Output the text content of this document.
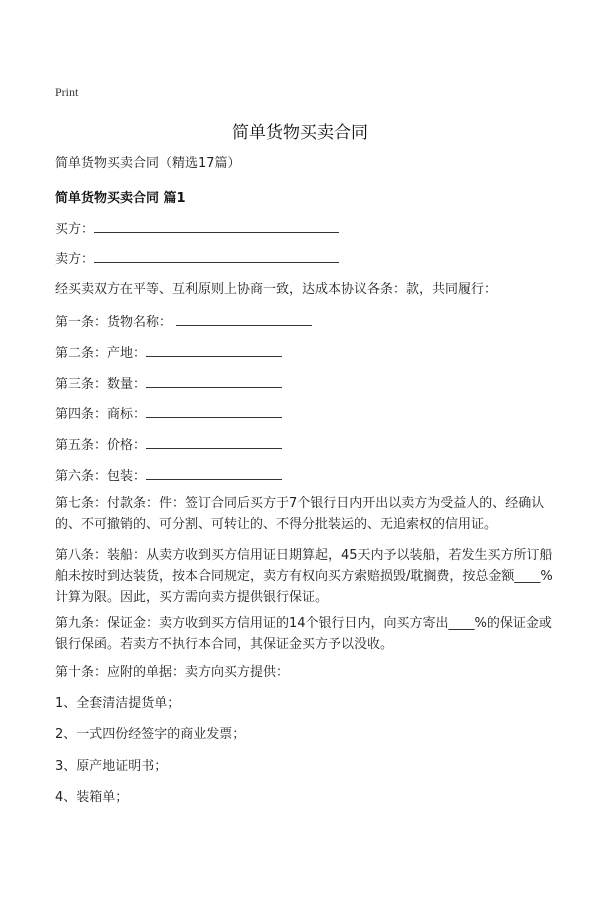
Print
简单货物买卖合同
简单货物买卖合同（精选17篇）
简单货物买卖合同 篇1
买方：
卖方：
经买卖双方在平等、互利原则上协商一致，达成本协议各条：款，共同履行：
第一条：货物名称：
第二条：产地：
第三条：数量：
第四条：商标：
第五条：价格：
第六条：包装：
第七条：付款条：件：签订合同后买方于7个银行日内开出以卖方为受益人的、经确认的、不可撤销的、可分割、可转让的、不得分批装运的、无追索权的信用证。
第八条：装船：从卖方收到买方信用证日期算起，45天内予以装船，若发生买方所订船舶未按时到达装货，按本合同规定，卖方有权向买方索赔损毁/耽搁费，按总金额____%计算为限。因此，买方需向卖方提供银行保证。
第九条：保证金：卖方收到买方信用证的14个银行日内，向买方寄出____%的保证金或银行保函。若卖方不执行本合同，其保证金买方予以没收。
第十条：应附的单据：卖方向买方提供：
1、全套清洁提货单；
2、一式四份经签字的商业发票；
3、原产地证明书；
4、装箱单；
